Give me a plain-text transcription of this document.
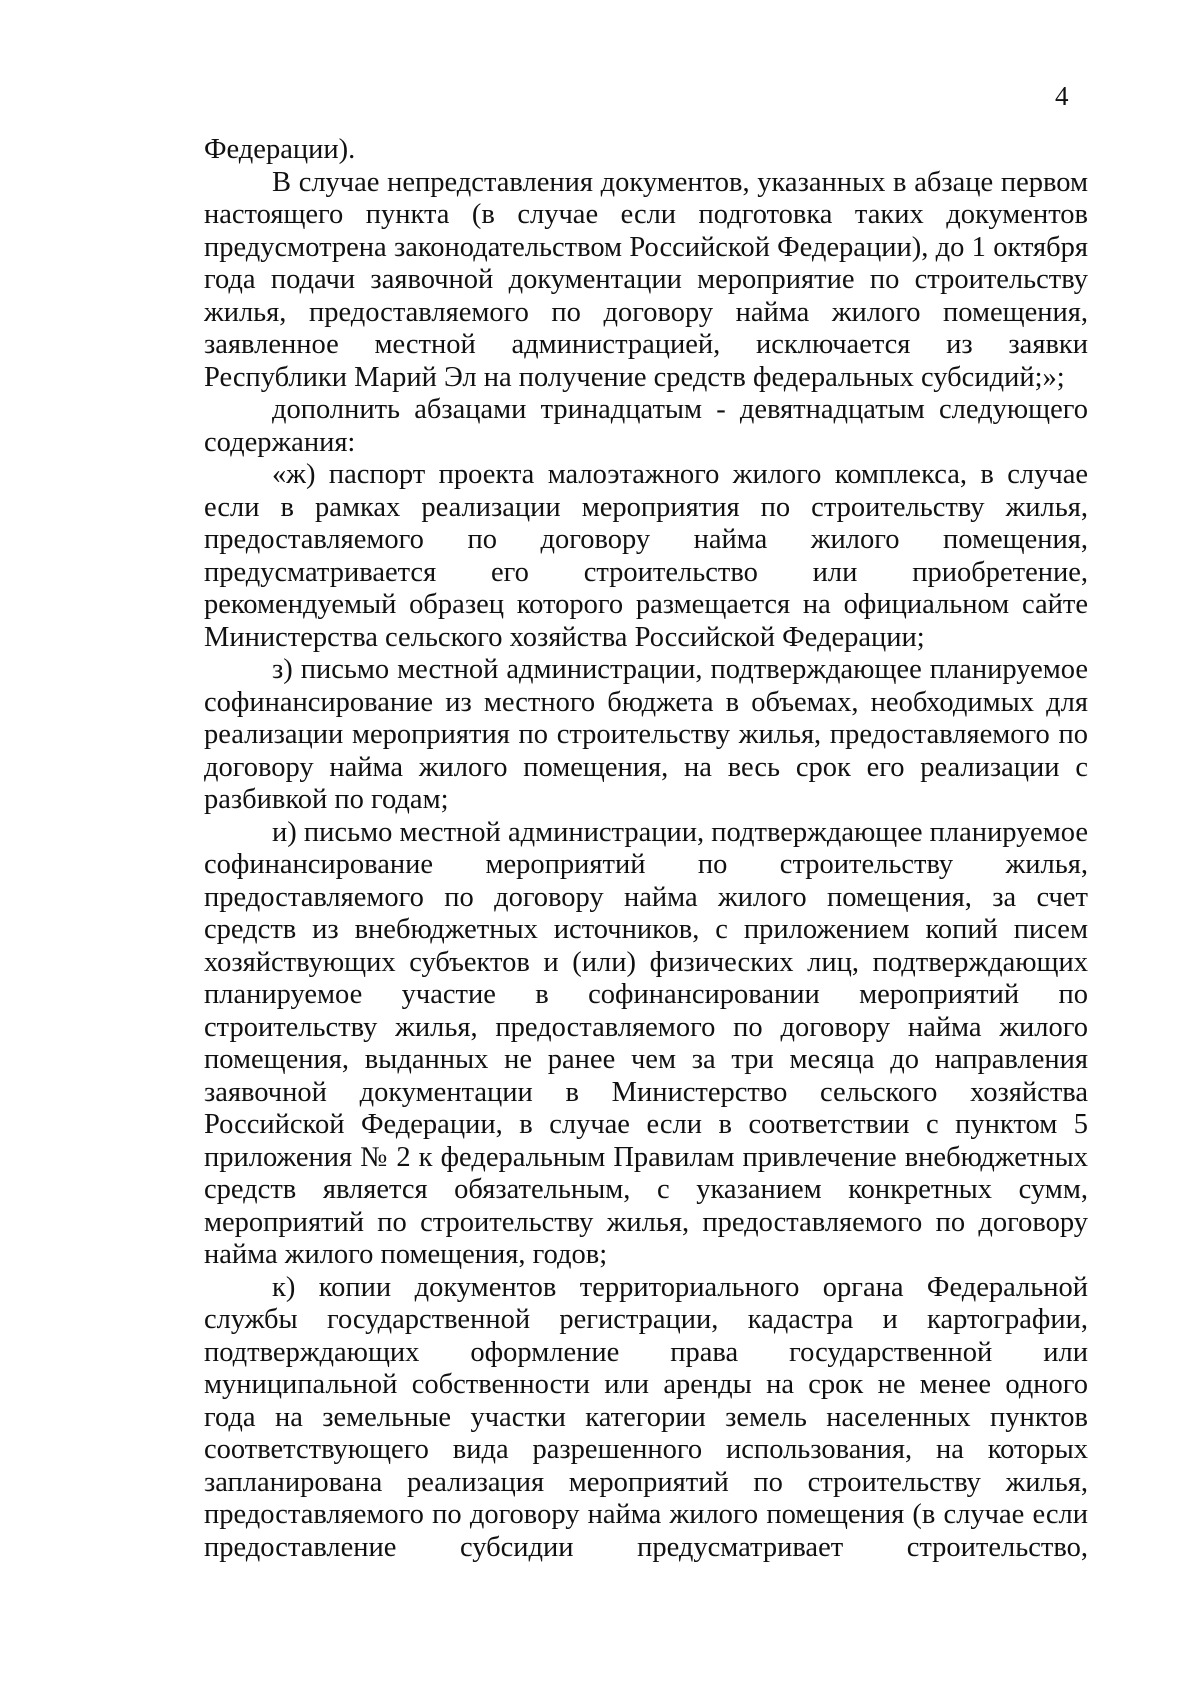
4

Федерации).

В случае непредставления документов, указанных в абзаце первом настоящего пункта (в случае если подготовка таких документов предусмотрена законодательством Российской Федерации), до 1 октября года подачи заявочной документации мероприятие по строительству жилья, предоставляемого по договору найма жилого помещения, заявленное местной администрацией, исключается из заявки Республики Марий Эл на получение средств федеральных субсидий;»;

дополнить абзацами тринадцатым - девятнадцатым следующего содержания:

«ж) паспорт проекта малоэтажного жилого комплекса, в случае если в рамках реализации мероприятия по строительству жилья, предоставляемого по договору найма жилого помещения, предусматривается его строительство или приобретение, рекомендуемый образец которого размещается на официальном сайте Министерства сельского хозяйства Российской Федерации;

з) письмо местной администрации, подтверждающее планируемое софинансирование из местного бюджета в объемах, необходимых для реализации мероприятия по строительству жилья, предоставляемого по договору найма жилого помещения, на весь срок его реализации с разбивкой по годам;

и) письмо местной администрации, подтверждающее планируемое софинансирование мероприятий по строительству жилья, предоставляемого по договору найма жилого помещения, за счет средств из внебюджетных источников, с приложением копий писем хозяйствующих субъектов и (или) физических лиц, подтверждающих планируемое участие в софинансировании мероприятий по строительству жилья, предоставляемого по договору найма жилого помещения, выданных не ранее чем за три месяца до направления заявочной документации в Министерство сельского хозяйства Российской Федерации, в случае если в соответствии с пунктом 5 приложения № 2 к федеральным Правилам привлечение внебюджетных средств является обязательным, с указанием конкретных сумм, мероприятий по строительству жилья, предоставляемого по договору найма жилого помещения, годов;

к) копии документов территориального органа Федеральной службы государственной регистрации, кадастра и картографии, подтверждающих оформление права государственной или муниципальной собственности или аренды на срок не менее одного года на земельные участки категории земель населенных пунктов соответствующего вида разрешенного использования, на которых запланирована реализация мероприятий по строительству жилья, предоставляемого по договору найма жилого помещения (в случае если предоставление субсидии предусматривает строительство,
